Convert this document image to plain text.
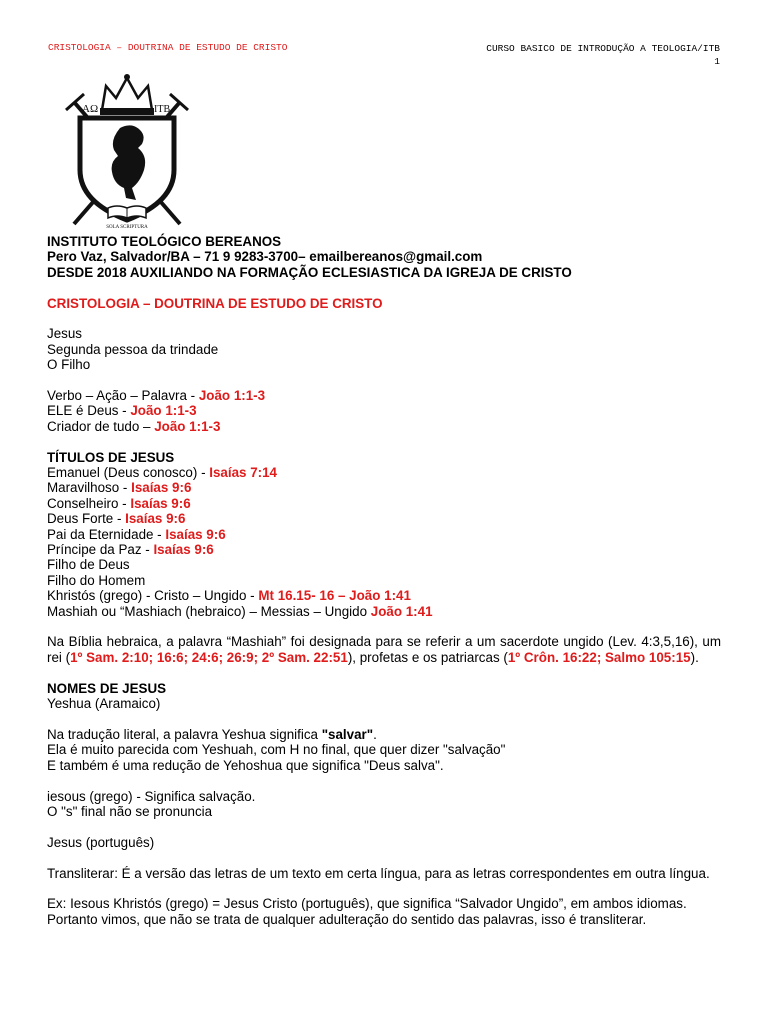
CRISTOLOGIA – DOUTRINA DE ESTUDO DE CRISTO	CURSO BASICO DE INTRODUÇÃO A TEOLOGIA/ITB
1
AΩ	ITB
SOLA SCRIPTURA

INSTITUTO TEOLÓGICO BEREANOS

Pero Vaz, Salvador/BA – 71 9 9283-3700– emailbereanos@gmail.com

DESDE 2018 AUXILIANDO NA FORMAÇÃO ECLESIASTICA DA IGREJA DE CRISTO

CRISTOLOGIA – DOUTRINA DE ESTUDO DE CRISTO

Jesus

Segunda pessoa da trindade

O Filho

Verbo – Ação – Palavra - João 1:1-3

ELE é Deus - João 1:1-3

Criador de tudo – João 1:1-3

TÍTULOS DE JESUS

Emanuel (Deus conosco) - Isaías 7:14

Maravilhoso - Isaías 9:6

Conselheiro - Isaías 9:6

Deus Forte - Isaías 9:6

Pai da Eternidade - Isaías 9:6

Príncipe da Paz - Isaías 9:6

Filho de Deus

Filho do Homem

Khristós (grego) - Cristo – Ungido - Mt 16.15- 16 – João 1:41

Mashiah ou “Mashiach (hebraico) – Messias – Ungido João 1:41

Na Bíblia hebraica, a palavra “Mashiah” foi designada para se referir a um sacerdote ungido (Lev. 4:3,5,16), um rei (1º Sam. 2:10; 16:6; 24:6; 26:9; 2º Sam. 22:51), profetas e os patriarcas (1º Crôn. 16:22; Salmo 105:15).

NOMES DE JESUS

Yeshua (Aramaico)

Na tradução literal, a palavra Yeshua significa "salvar".

Ela é muito parecida com Yeshuah, com H no final, que quer dizer "salvação"

E também é uma redução de Yehoshua que significa "Deus salva".

iesous (grego) - Significa salvação.

O "s" final não se pronuncia

Jesus (português)

Transliterar: É a versão das letras de um texto em certa língua, para as letras correspondentes em outra língua.

Ex: Iesous Khristós (grego) = Jesus Cristo (português), que significa “Salvador Ungido”, em ambos idiomas.

Portanto vimos, que não se trata de qualquer adulteração do sentido das palavras, isso é transliterar.
